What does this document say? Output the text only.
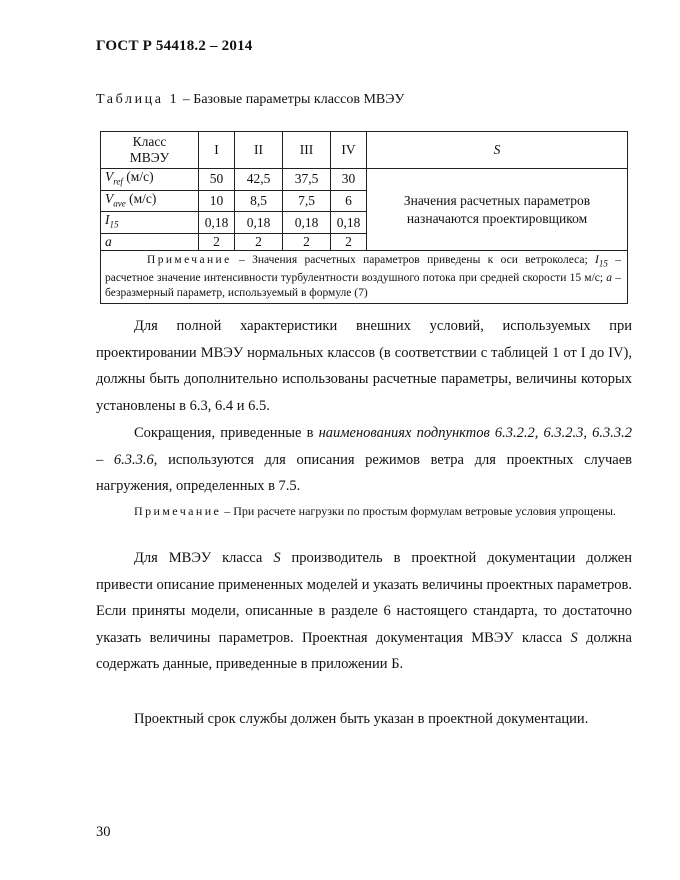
ГОСТ Р 54418.2 – 2014
Таблица 1 – Базовые параметры классов МВЭУ
Класс
МВЭУ	I	II	III	IV	S
$V_{ref}$ (м/с)	50	42,5	37,5	30	Значения расчетных параметров
назначаются проектировщиком
$V_{ave}$ (м/с)	10	8,5	7,5	6	
$I_{15}$	0,18	0,18	0,18	0,18	
a	2	2	2	2	
Примечание – Значения расчетных параметров приведены к оси ветроколеса; $I_{15}$ –расчетное значение интенсивности турбулентности воздушного потока при средней скорости 15 м/с; a – безразмерный параметр, используемый в формуле (7)					

Для полной характеристики внешних условий, используемых при проектировании МВЭУ нормальных классов (в соответствии с таблицей 1 от I до IV), должны быть дополнительно использованы расчетные параметры, величины которых установлены в 6.3, 6.4 и 6.5.

Сокращения, приведенные в наименованиях подпунктов 6.3.2.2, 6.3.2.3, 6.3.3.2 – 6.3.3.6, используются для описания режимов ветра для проектных случаев нагружения, определенных в 7.5.

Примечание – При расчете нагрузки по простым формулам ветровые условия упрощены.

Для МВЭУ класса S производитель в проектной документации должен привести описание примененных моделей и указать величины проектных параметров. Если приняты модели, описанные в разделе 6 настоящего стандарта, то достаточно указать величины параметров. Проектная документация МВЭУ класса S должна содержать данные, приведенные в приложении Б.

Проектный срок службы должен быть указан в проектной документации.

30
